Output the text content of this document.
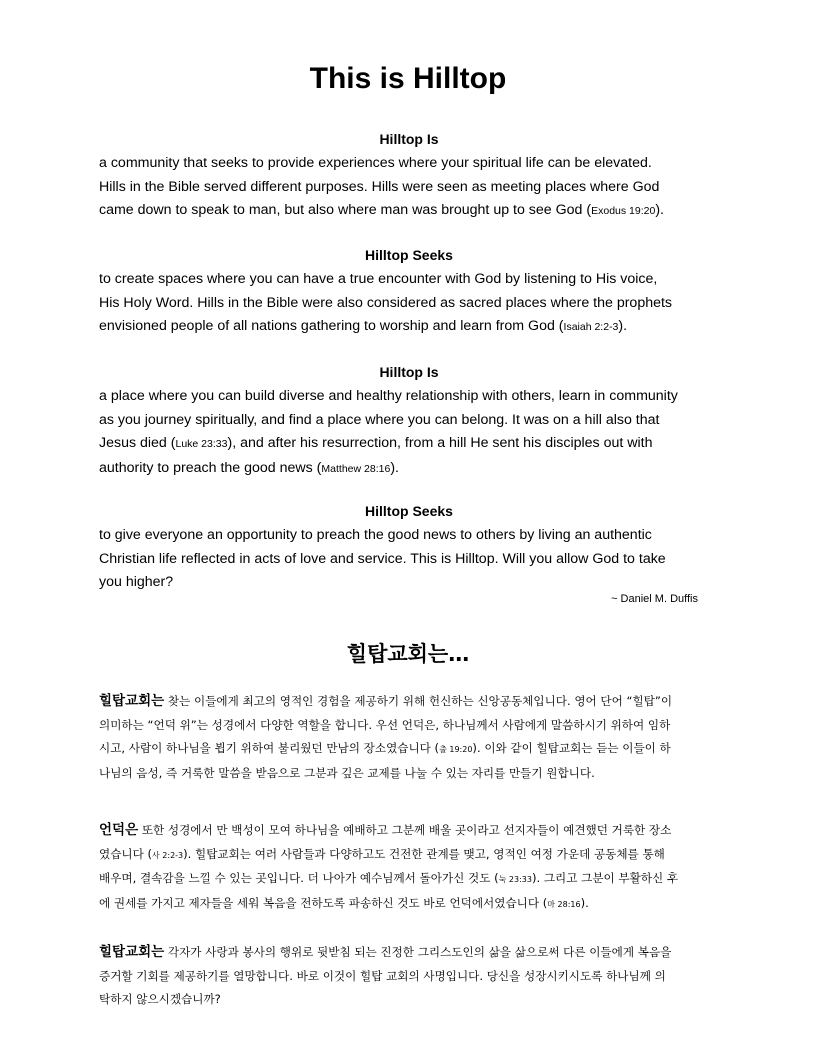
This is Hilltop
Hilltop Is
a community that seeks to provide experiences where your spiritual life can be elevated.
Hills in the Bible served different purposes. Hills were seen as meeting places where God
came down to speak to man, but also where man was brought up to see God (Exodus 19:20).
Hilltop Seeks
to create spaces where you can have a true encounter with God by listening to His voice,
His Holy Word. Hills in the Bible were also considered as sacred places where the prophets
envisioned people of all nations gathering to worship and learn from God (Isaiah 2:2-3).
Hilltop Is
a place where you can build diverse and healthy relationship with others, learn in community
as you journey spiritually, and find a place where you can belong. It was on a hill also that
Jesus died (Luke 23:33), and after his resurrection, from a hill He sent his disciples out with
authority to preach the good news (Matthew 28:16).
Hilltop Seeks
to give everyone an opportunity to preach the good news to others by living an authentic
Christian life reflected in acts of love and service. This is Hilltop. Will you allow God to take
you higher?
~ Daniel M. Duffis
힐탑교회는…
힐탑교회는 찾는 이들에게 최고의 영적인 경험을 제공하기 위해 헌신하는 신앙공동체입니다. 영어 단어 “힐탑”이
의미하는 “언덕 위”는 성경에서 다양한 역할을 합니다. 우선 언덕은, 하나님께서 사람에게 말씀하시기 위하여 임하
시고, 사람이 하나님을 뵙기 위하여 불리웠던 만남의 장소였습니다 (출 19:20). 이와 같이 힐탑교회는 듣는 이들이 하
나님의 음성, 즉 거룩한 말씀을 받음으로 그분과 깊은 교제를 나눌 수 있는 자리를 만들기 원합니다.
언덕은 또한 성경에서 만 백성이 모여 하나님을 예배하고 그분께 배울 곳이라고 선지자들이 예견했던 거룩한 장소
였습니다 (사 2:2-3). 힐탑교회는 여러 사람들과 다양하고도 건전한 관계를 맺고, 영적인 여정 가운데 공동체를 통해
배우며, 결속감을 느낄 수 있는 곳입니다. 더 나아가 예수님께서 돌아가신 것도 (눅 23:33). 그리고 그분이 부활하신 후
에 권세를 가지고 제자들을 세워 복음을 전하도록 파송하신 것도 바로 언덕에서였습니다 (마 28:16).
힐탑교회는 각자가 사랑과 봉사의 행위로 뒷받침 되는 진정한 그리스도인의 삶을 삶으로써 다른 이들에게 복음을
증거할 기회를 제공하기를 열망합니다. 바로 이것이 힐탑 교회의 사명입니다. 당신을 성장시키시도록 하나님께 의
탁하지 않으시겠습니까?
